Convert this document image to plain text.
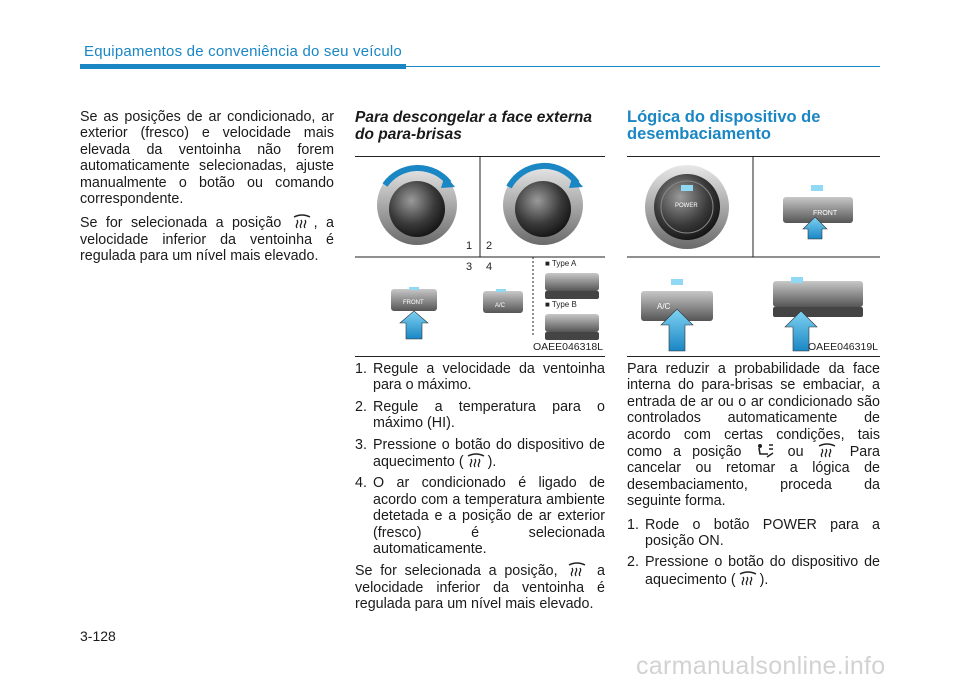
Equipamentos de conveniência do seu veículo

Se as posições de ar condicionado, ar exterior (fresco) e velocidade mais elevada da ventoinha não forem automaticamente selecionadas, ajuste manualmente o botão ou comando correspondente.

Se for selecionada a posição , a velocidade inferior da ventoinha é regulada para um nível mais elevado.

Para descongelar a face externa do para-brisas
1 2
3 4
FRONT	A/C
■ Type A
■ Type B
OAEE046318L
1. Regule a velocidade da ventoinha para o máximo.
2. Regule a temperatura para o máximo (HI).
3. Pressione o botão do dispositivo de aquecimento ( ).
4. O ar condicionado é ligado de acordo com a temperatura ambiente detetada e a posição de ar exterior (fresco) é selecionada automaticamente.

Se for selecionada a posição,	a velocidade inferior da ventoinha é regulada para um nível mais elevado.

Lógica do dispositivo de desembaciamento
POWER
FRONT
A/C
OAEE046319L

Para reduzir a probabilidade da face interna do para-brisas se embaciar, a entrada de ar ou o ar condicionado são controlados automaticamente de acordo com certas condições, tais como a posição	ou	Para cancelar ou retomar a lógica de desembaciamento, proceda da seguinte forma.

1. Rode o botão POWER para a posição ON.
2. Pressione o botão do dispositivo de aquecimento ( ).
3-128
carmanualsonline.info
